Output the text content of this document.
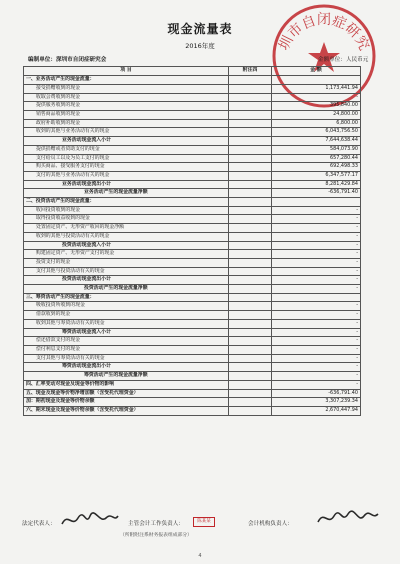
圳市自闭症研究
现金流量表
2016年度
编制单位：深圳市自闭症研究会	金额单位：人民币元
项 目	附注四	金 额
一、业务活动产生的现金流量：		
接受捐赠收到的现金		1,173,441.94
收取会费收到的现金		-
提供服务收到的现金		395,840.00
销售商品收到的现金		24,800.00
政府补助收到的现金		6,800.00
收到的其他与业务活动有关的现金		6,043,756.50
业务活动现金流入小计		7,644,638.44
提供捐赠或者资助支付的现金		584,073.90
支付给员工以及为员工支付的现金		657,280.44
购买商品、接受服务支付的现金		692,498.33
支付的其他与业务活动有关的现金		6,347,577.17
业务活动现金流出小计		8,281,429.84
业务活动产生的现金流量净额		-636,791.40
二、投资活动产生的现金流量：		
收回投资收到的现金		-
取得投资收益收到的现金		-
处置固定资产、无形资产收回的现金净额		-
收到的其他与投资活动有关的现金		-
投资活动现金流入小计		-
购建固定资产、无形资产支付的现金		-
投资支付的现金		-
支付其他与投资活动有关的现金		-
投资活动现金流出小计		-
投资活动产生的现金流量净额		-
三、筹资活动产生的现金流量：		
吸收投资所收到的现金		-
借款收到的现金		-
收到其他与筹资活动有关的现金		-
筹资活动现金流入小计		-
偿还借款支付的现金		-
偿付利息支付的现金		-
支付其他与筹资活动有关的现金		-
筹资活动现金流出小计		-
筹资活动产生的现金流量净额		-
四、汇率变动对现金及现金等价物的影响		-
五、现金及现金等价物净增加额（含受托代理资金）		-636,791.40
加：期初现金及现金等价物余额		3,307,239.34
六、期末现金及现金等价物余额（含受托代理资金）		2,670,447.94
法定代表人：	主管会计工作负责人：	陈某某	会计机构负责人：
（所附附注系财务报表组成部分）
4
